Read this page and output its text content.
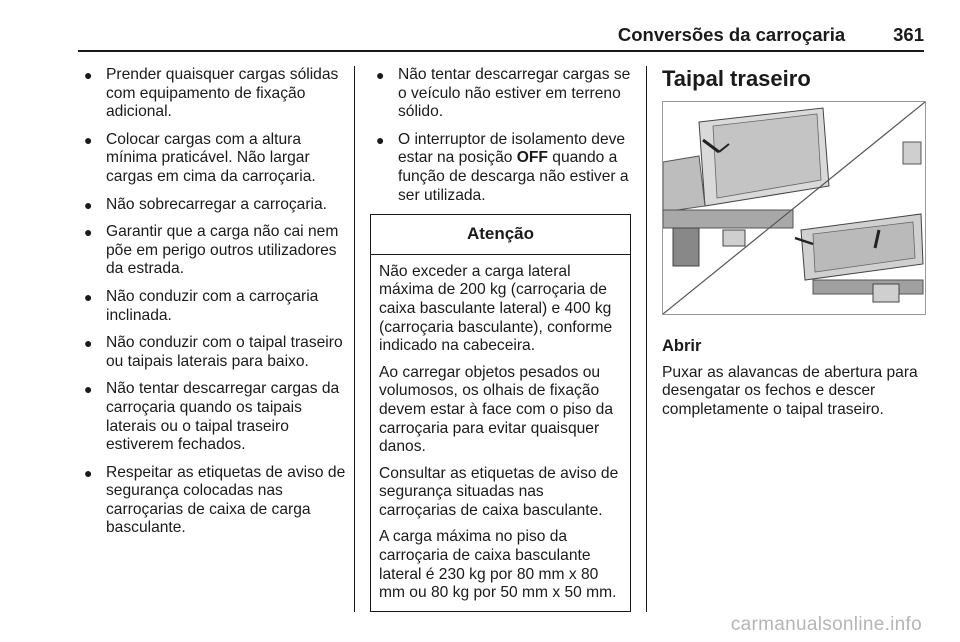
Conversões da carroçaria	361
● Prender quaisquer cargas sólidas com equipamento de fixação adicional.
● Colocar cargas com a altura mínima praticável. Não largar cargas em cima da carroçaria.
● Não sobrecarregar a carroçaria.
● Garantir que a carga não cai nem põe em perigo outros utilizadores da estrada.
● Não conduzir com a carroçaria inclinada.
● Não conduzir com o taipal traseiro ou taipais laterais para baixo.
● Não tentar descarregar cargas da carroçaria quando os taipais laterais ou o taipal traseiro estiverem fechados.
● Respeitar as etiquetas de aviso de segurança colocadas nas carroçarias de caixa de carga basculante.
● Não tentar descarregar cargas se o veículo não estiver em terreno sólido.
● O interruptor de isolamento deve estar na posição OFF quando a função de descarga não estiver a ser utilizada.
Atenção

Não exceder a carga lateral máxima de 200 kg (carroçaria de caixa basculante lateral) e 400 kg (carroçaria basculante), conforme indicado na cabeceira.

Ao carregar objetos pesados ou volumosos, os olhais de fixação devem estar à face com o piso da carroçaria para evitar quaisquer danos.

Consultar as etiquetas de aviso de segurança situadas nas carroçarias de caixa basculante.

A carga máxima no piso da carroçaria de caixa basculante lateral é 230 kg por 80 mm x 80 mm ou 80 kg por 50 mm x 50 mm.

Taipal traseiro
Abrir

Puxar as alavancas de abertura para desengatar os fechos e descer completamente o taipal traseiro.

carmanualsonline.info
